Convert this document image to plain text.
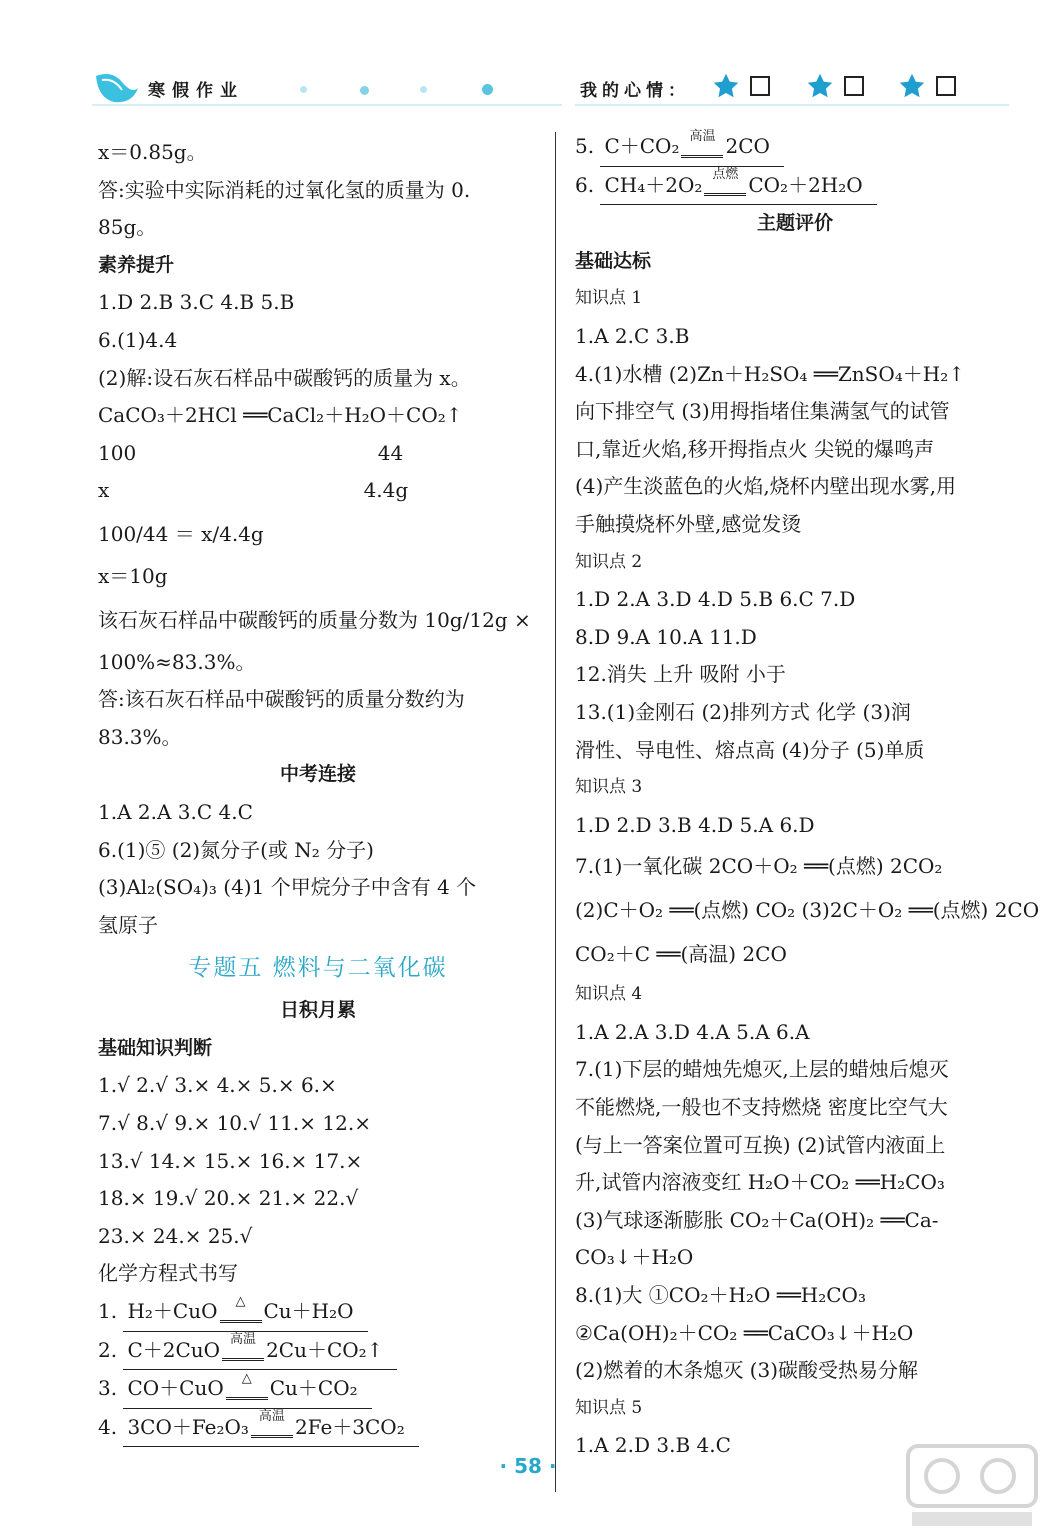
寒假作业	我的心情：
x＝0.85g。
答:实验中实际消耗的过氧化氢的质量为 0.
85g。
素养提升
1.D 2.B 3.C 4.B 5.B
6.(1)4.4
(2)解:设石灰石样品中碳酸钙的质量为 x。
CaCO₃＋2HCl ══CaCl₂＋H₂O＋CO₂↑
100                                      44
x                                        4.4g
100/44 ＝ x/4.4g
x＝10g
该石灰石样品中碳酸钙的质量分数为 10g/12g ×
100%≈83.3%。
答:该石灰石样品中碳酸钙的质量分数约为
83.3%。
中考连接
1.A 2.A 3.C 4.C
6.(1)⑤ (2)氮分子(或 N₂ 分子)
(3)Al₂(SO₄)₃ (4)1 个甲烷分子中含有 4 个
氢原子
专题五 燃料与二氧化碳
日积月累
基础知识判断
1.√ 2.√ 3.× 4.× 5.× 6.×
7.√ 8.√ 9.× 10.√ 11.× 12.×
13.√ 14.× 15.× 16.× 17.×
18.× 19.√ 20.× 21.× 22.√
23.× 24.× 25.√
化学方程式书写
1. H₂＋CuO	△ Cu＋H₂O
2. C＋2CuO 高温 2Cu＋CO₂↑
3. CO＋CuO	△ Cu＋CO₂
4. 3CO＋Fe₂O₃ 高温 2Fe＋3CO₂
5. C＋CO₂ 高温 2CO
6. CH₄＋2O₂ 点燃 CO₂＋2H₂O
主题评价
基础达标
知识点 1
1.A 2.C 3.B
4.(1)水槽 (2)Zn＋H₂SO₄ ══ZnSO₄＋H₂↑
向下排空气 (3)用拇指堵住集满氢气的试管
口,靠近火焰,移开拇指点火 尖锐的爆鸣声
(4)产生淡蓝色的火焰,烧杯内壁出现水雾,用
手触摸烧杯外壁,感觉发烫
知识点 2
1.D 2.A 3.D 4.D 5.B 6.C 7.D
8.D 9.A 10.A 11.D
12.消失 上升 吸附 小于
13.(1)金刚石 (2)排列方式 化学 (3)润
滑性、导电性、熔点高 (4)分子 (5)单质
知识点 3
1.D 2.D 3.B 4.D 5.A 6.D
7.(1)一氧化碳 2CO＋O₂ ══(点燃) 2CO₂
(2)C＋O₂ ══(点燃) CO₂ (3)2C＋O₂ ══(点燃) 2CO
CO₂＋C ══(高温) 2CO
知识点 4
1.A 2.A 3.D 4.A 5.A 6.A
7.(1)下层的蜡烛先熄灭,上层的蜡烛后熄灭
不能燃烧,一般也不支持燃烧 密度比空气大
(与上一答案位置可互换) (2)试管内液面上
升,试管内溶液变红 H₂O＋CO₂ ══H₂CO₃
(3)气球逐渐膨胀 CO₂＋Ca(OH)₂ ══Ca-
CO₃↓＋H₂O
8.(1)大 ①CO₂＋H₂O ══H₂CO₃
②Ca(OH)₂＋CO₂ ══CaCO₃↓＋H₂O
(2)燃着的木条熄灭 (3)碳酸受热易分解
知识点 5
1.A 2.D 3.B 4.C
· 58 ·
